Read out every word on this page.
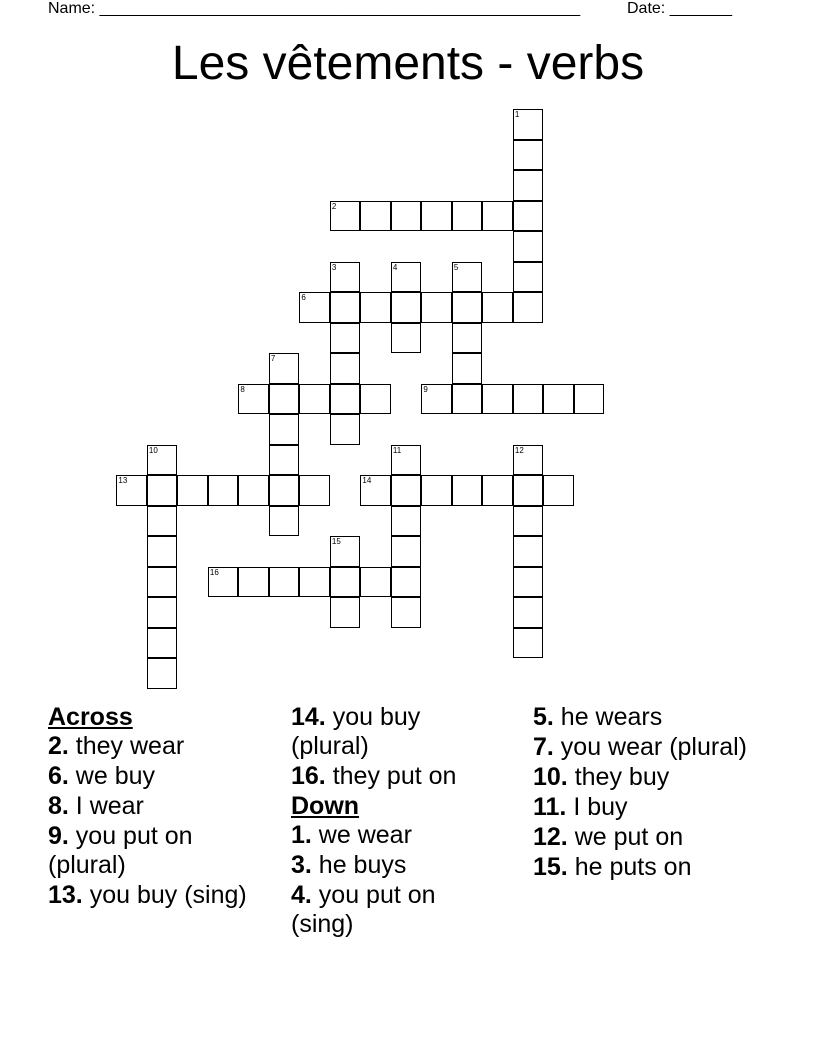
Name: ______________________________________________________	Date: _______
Les vêtements - verbs
1
2
3	4	5
6
7
8	9
10	11	12
13	14
15
16
Across
2. they wear
6. we buy
8. I wear
9. you put on (plural)
13. you buy (sing)
14. you buy (plural)
16. they put on
Down
1. we wear
3. he buys
4. you put on (sing)
5. he wears
7. you wear (plural)
10. they buy
11. I buy
12. we put on
15. he puts on
